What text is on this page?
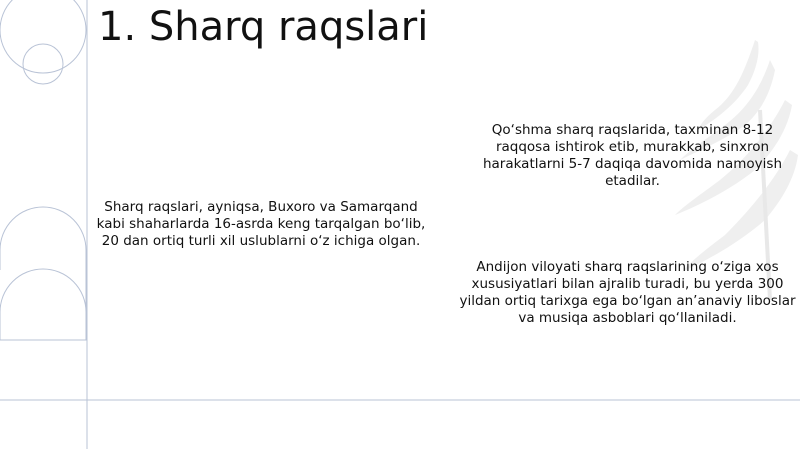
1. Sharq raqslari
Sharq raqslari, ayniqsa, Buxoro va Samarqand kabi shaharlarda 16-asrda keng tarqalgan bo‘lib, 20 dan ortiq turli xil uslublarni o‘z ichiga olgan.
Qo‘shma sharq raqslarida, taxminan 8-12 raqqosa ishtirok etib, murakkab, sinxron harakatlarni 5-7 daqiqa davomida namoyish etadilar.
Andijon viloyati sharq raqslarining o‘ziga xos xususiyatlari bilan ajralib turadi, bu yerda 300 yildan ortiq tarixga ega bo‘lgan an’anaviy liboslar va musiqa asboblari qo‘llaniladi.
